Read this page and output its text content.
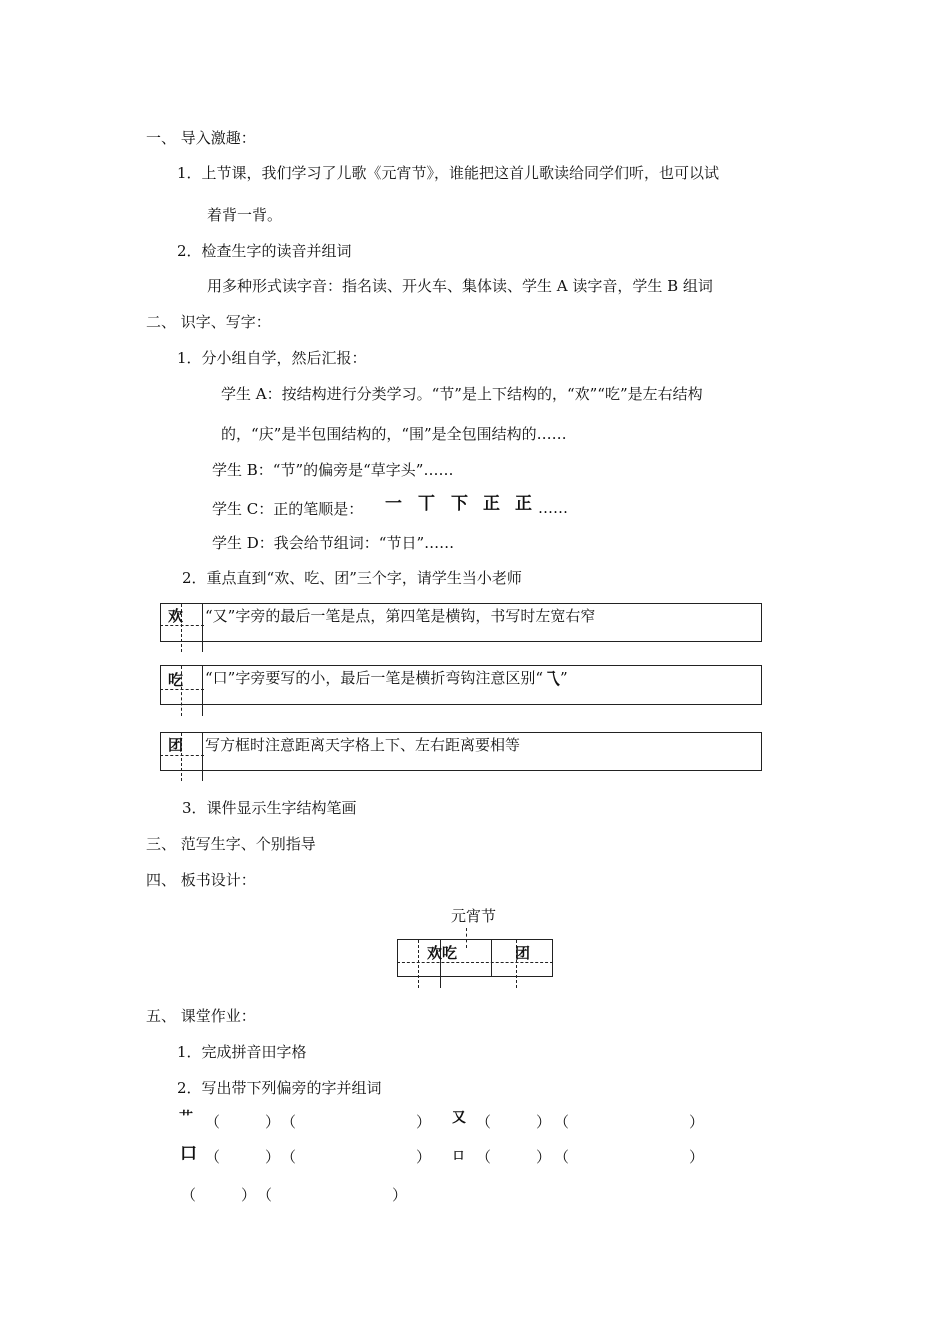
一、 导入激趣：
1．上节课，我们学习了儿歌《元宵节》，谁能把这首儿歌读给同学们听，也可以试
着背一背。
2．检查生字的读音并组词
用多种形式读字音：指名读、开火车、集体读、学生 A 读字音，学生 B 组词
二、 识字、写字：
1．分小组自学，然后汇报：
学生 A：按结构进行分类学习。“节”是上下结构的，“欢”“吃”是左右结构
的，“庆”是半包围结构的，“围”是全包围结构的……
学生 B：“节”的偏旁是“草字头”……
学生 C：正的笔顺是： 一 丅 下 正 正 ……
学生 D：我会给节组词：“节日”……
2．重点直到“欢、吃、团”三个字，请学生当小老师
欢 “又”字旁的最后一笔是点，第四笔是横钩，书写时左宽右窄
吃 “口”字旁要写的小，最后一笔是横折弯钩注意区别“乁”
团 写方框时注意距离天字格上下、左右距离要相等
3．课件显示生字结构笔画
三、 范写生字、个别指导
四、 板书设计：
元宵节
欢吃	团
五、 课堂作业：
1．完成拼音田字格
2．写出带下列偏旁的字并组词
艹 （　　　） （　　　　　　　　） 又 （　　　） （　　　　　　　　）
口 （　　　） （　　　　　　　　） 口 （　　　） （　　　　　　　　）
（　　　） （　　　　　　　　）
